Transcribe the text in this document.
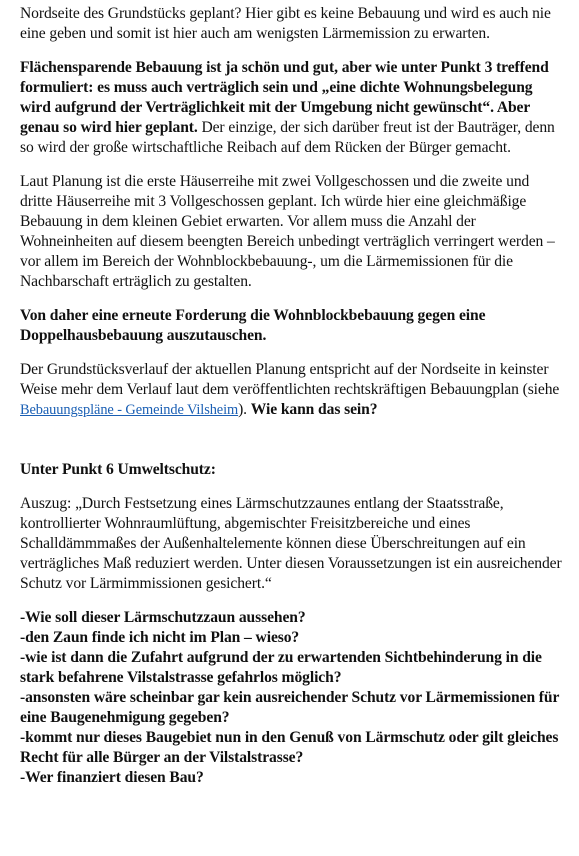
Nordseite des Grundstücks geplant? Hier gibt es keine Bebauung und wird es auch nie eine geben und somit ist hier auch am wenigsten Lärmemission zu erwarten.

Flächensparende Bebauung ist ja schön und gut, aber wie unter Punkt 3 treffend formuliert: es muss auch verträglich sein und „eine dichte Wohnungsbelegung wird aufgrund der Verträglichkeit mit der Umgebung nicht gewünscht“. Aber genau so wird hier geplant. Der einzige, der sich darüber freut ist der Bauträger, denn so wird der große wirtschaftliche Reibach auf dem Rücken der Bürger gemacht.

Laut Planung ist die erste Häuserreihe mit zwei Vollgeschossen und die zweite und dritte Häuserreihe mit 3 Vollgeschossen geplant. Ich würde hier eine gleichmäßige Bebauung in dem kleinen Gebiet erwarten. Vor allem muss die Anzahl der Wohneinheiten auf diesem beengten Bereich unbedingt verträglich verringert werden – vor allem im Bereich der Wohnblockbebauung-, um die Lärmemissionen für die Nachbarschaft erträglich zu gestalten.

Von daher eine erneute Forderung die Wohnblockbebauung gegen eine Doppelhausbebauung auszutauschen.

Der Grundstücksverlauf der aktuellen Planung entspricht auf der Nordseite in keinster Weise mehr dem Verlauf laut dem veröffentlichten rechtskräftigen Bebauungplan (siehe Bebauungspläne - Gemeinde Vilsheim). Wie kann das sein?

Unter Punkt 6 Umweltschutz:

Auszug: „Durch Festsetzung eines Lärmschutzzaunes entlang der Staatsstraße, kontrollierter Wohnraumlüftung, abgemischter Freisitzbereiche und eines Schalldämmmaßes der Außenhaltelemente können diese Überschreitungen auf ein verträgliches Maß reduziert werden. Unter diesen Voraussetzungen ist ein ausreichender Schutz vor Lärmimmissionen gesichert.“

-Wie soll dieser Lärmschutzzaun aussehen?
-den Zaun finde ich nicht im Plan – wieso?
-wie ist dann die Zufahrt aufgrund der zu erwartenden Sichtbehinderung in die stark befahrene Vilstalstrasse gefahrlos möglich?
-ansonsten wäre scheinbar gar kein ausreichender Schutz vor Lärmemissionen für eine Baugenehmigung gegeben?
-kommt nur dieses Baugebiet nun in den Genuß von Lärmschutz oder gilt gleiches Recht für alle Bürger an der Vilstalstrasse?
-Wer finanziert diesen Bau?
